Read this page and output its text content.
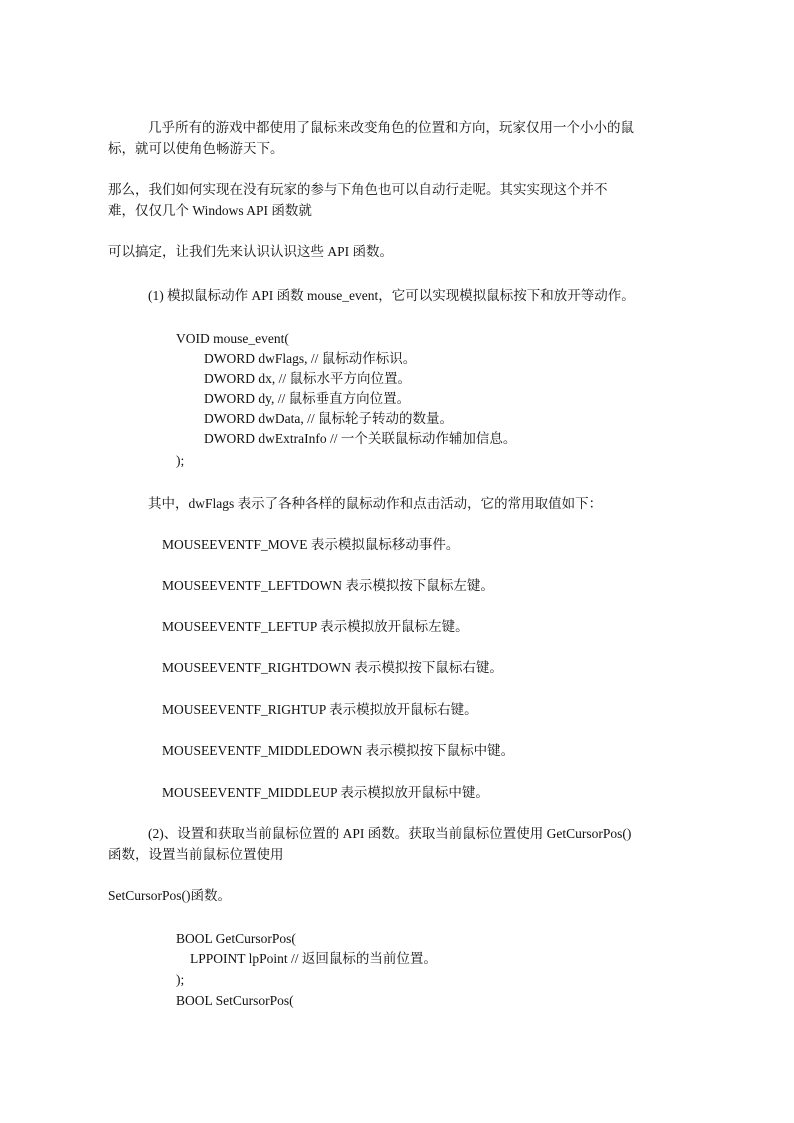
几乎所有的游戏中都使用了鼠标来改变角色的位置和方向，玩家仅用一个小小的鼠
标，就可以使角色畅游天下。
那么，我们如何实现在没有玩家的参与下角色也可以自动行走呢。其实实现这个并不
难，仅仅几个 Windows API 函数就
可以搞定，让我们先来认识认识这些 API 函数。
(1) 模拟鼠标动作 API 函数 mouse_event，它可以实现模拟鼠标按下和放开等动作。
VOID mouse_event(
DWORD dwFlags, // 鼠标动作标识。
DWORD dx, // 鼠标水平方向位置。
DWORD dy, // 鼠标垂直方向位置。
DWORD dwData, // 鼠标轮子转动的数量。
DWORD dwExtraInfo // 一个关联鼠标动作辅加信息。
);
其中，dwFlags 表示了各种各样的鼠标动作和点击活动，它的常用取值如下：
MOUSEEVENTF_MOVE 表示模拟鼠标移动事件。
MOUSEEVENTF_LEFTDOWN 表示模拟按下鼠标左键。
MOUSEEVENTF_LEFTUP 表示模拟放开鼠标左键。
MOUSEEVENTF_RIGHTDOWN 表示模拟按下鼠标右键。
MOUSEEVENTF_RIGHTUP 表示模拟放开鼠标右键。
MOUSEEVENTF_MIDDLEDOWN 表示模拟按下鼠标中键。
MOUSEEVENTF_MIDDLEUP 表示模拟放开鼠标中键。
(2)、设置和获取当前鼠标位置的 API 函数。获取当前鼠标位置使用 GetCursorPos()
函数，设置当前鼠标位置使用
SetCursorPos()函数。
BOOL GetCursorPos(
LPPOINT lpPoint // 返回鼠标的当前位置。
);
BOOL SetCursorPos(
